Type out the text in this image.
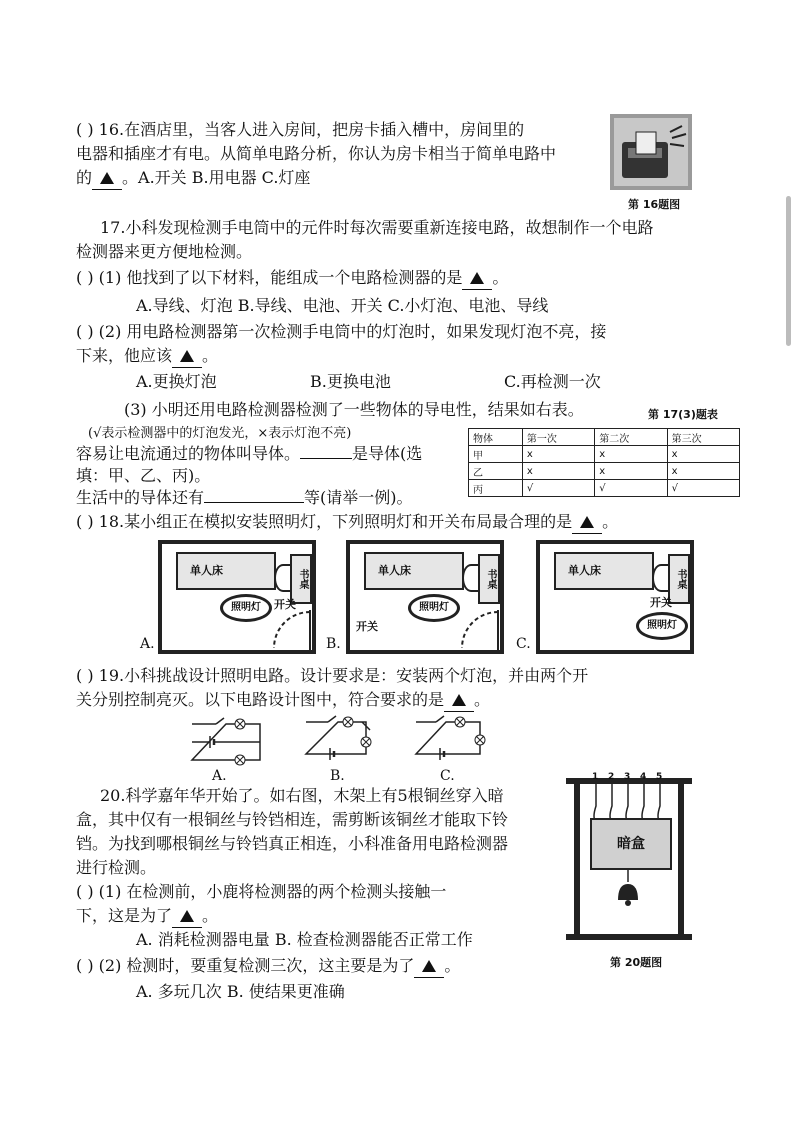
( ) 16.在酒店里，当客人进入房间，把房卡插入槽中，房间里的
电器和插座才有电。从简单电路分析，你认为房卡相当于简单电路中
的 。A.开关 B.用电器 C.灯座
第 16题图
17.小科发现检测手电筒中的元件时每次需要重新连接电路，故想制作一个电路
检测器来更方便地检测。
( ) (1) 他找到了以下材料，能组成一个电路检测器的是 。
A.导线、灯泡 B.导线、电池、开关 C.小灯泡、电池、导线
( ) (2) 用电路检测器第一次检测手电筒中的灯泡时，如果发现灯泡不亮，接
下来，他应该 。
A.更换灯泡	B.更换电池	C.再检测一次
(3) 小明还用电路检测器检测了一些物体的导电性，结果如右表。	第 17(3)题表
(√表示检测器中的灯泡发光，×表示灯泡不亮)
容易让电流通过的物体叫导体。	是导体(选
填：甲、乙、丙)。
生活中的导体还有	等(请举一例)。
物体	第一次	第二次	第三次
甲	x	x	x
乙	x	x	x
丙	√	√	√
( ) 18.某小组正在模拟安装照明灯，下列照明灯和开关布局最合理的是 。
单人床	书桌
照明灯	开关
A.
单人床	书桌
照明灯
开关
B.
单人床	书桌
开关
照明灯
C.
( ) 19.小科挑战设计照明电路。设计要求是：安装两个灯泡，并由两个开
关分别控制亮灭。以下电路设计图中，符合要求的是 。
A.	B.	C.
20.科学嘉年华开始了。如右图，木架上有5根铜丝穿入暗
盒，其中仅有一根铜丝与铃铛相连，需剪断该铜丝才能取下铃
铛。为找到哪根铜丝与铃铛真正相连，小科准备用电路检测器
进行检测。
( ) (1) 在检测前，小鹿将检测器的两个检测头接触一
下，这是为了 。
A. 消耗检测器电量 B. 检查检测器能否正常工作
( ) (2) 检测时，要重复检测三次，这主要是为了 。
A. 多玩几次 B. 使结果更准确
暗盒
1 2 3 4 5
第 20题图
